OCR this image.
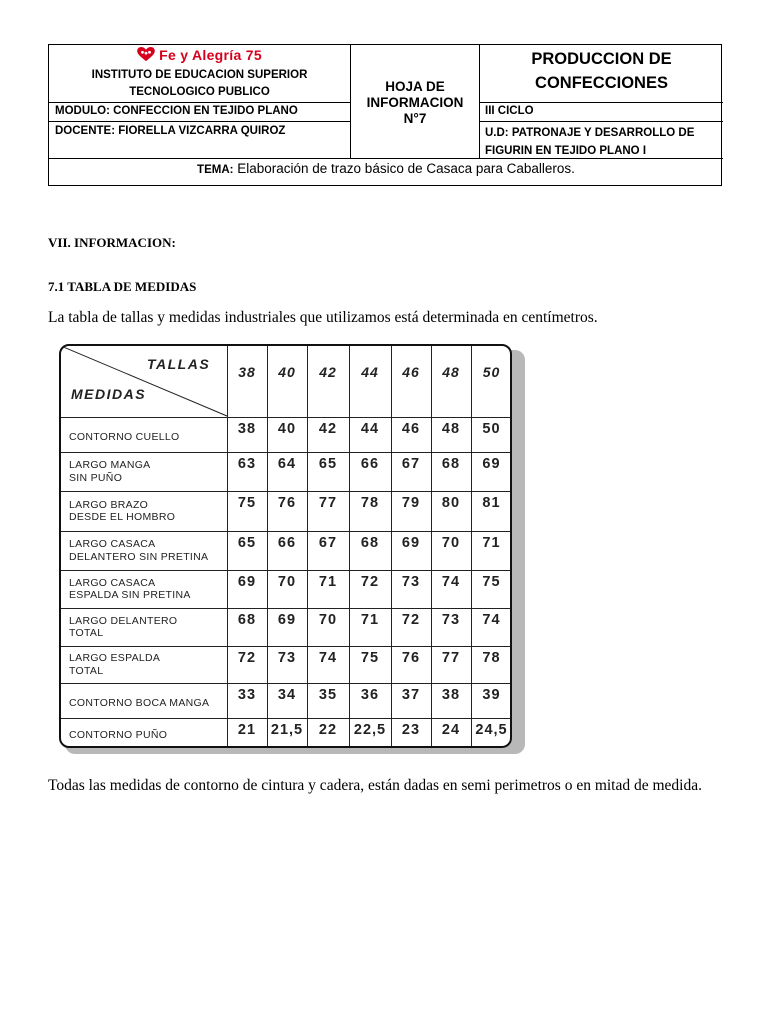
Fe y Alegría 75
INSTITUTO DE EDUCACION SUPERIOR
TECNOLOGICO PUBLICO
MODULO: CONFECCION EN TEJIDO PLANO
DOCENTE: FIORELLA VIZCARRA QUIROZ
HOJA DE
INFORMACION
N°7
PRODUCCION DE
CONFECCIONES
III CICLO
U.D: PATRONAJE Y DESARROLLO DE
FIGURIN EN TEJIDO PLANO I
TEMA: Elaboración de trazo básico de Casaca para Caballeros.
VII. INFORMACION:
7.1 TABLA DE MEDIDAS
La tabla de tallas y medidas industriales que utilizamos está determinada en centímetros.
TALLAS
MEDIDAS
38	40	42	44	46	48	50
CONTORNO CUELLO	38	40	42	44	46	48	50
LARGO MANGA
SIN PUÑO
63	64	65	66	67	68	69
LARGO BRAZO
DESDE EL HOMBRO
75	76	77	78	79	80	81
LARGO CASACA
DELANTERO SIN PRETINA
65	66	67	68	69	70	71
LARGO CASACA
ESPALDA SIN PRETINA
69	70	71	72	73	74	75
LARGO DELANTERO
TOTAL
68	69	70	71	72	73	74
LARGO ESPALDA
TOTAL
72	73	74	75	76	77	78
CONTORNO BOCA MANGA	33	34	35	36	37	38	39
CONTORNO PUÑO	21	21,5	22	22,5	23	24	24,5
Todas las medidas de contorno de cintura y cadera, están dadas en semi perimetros o en mitad de medida.
